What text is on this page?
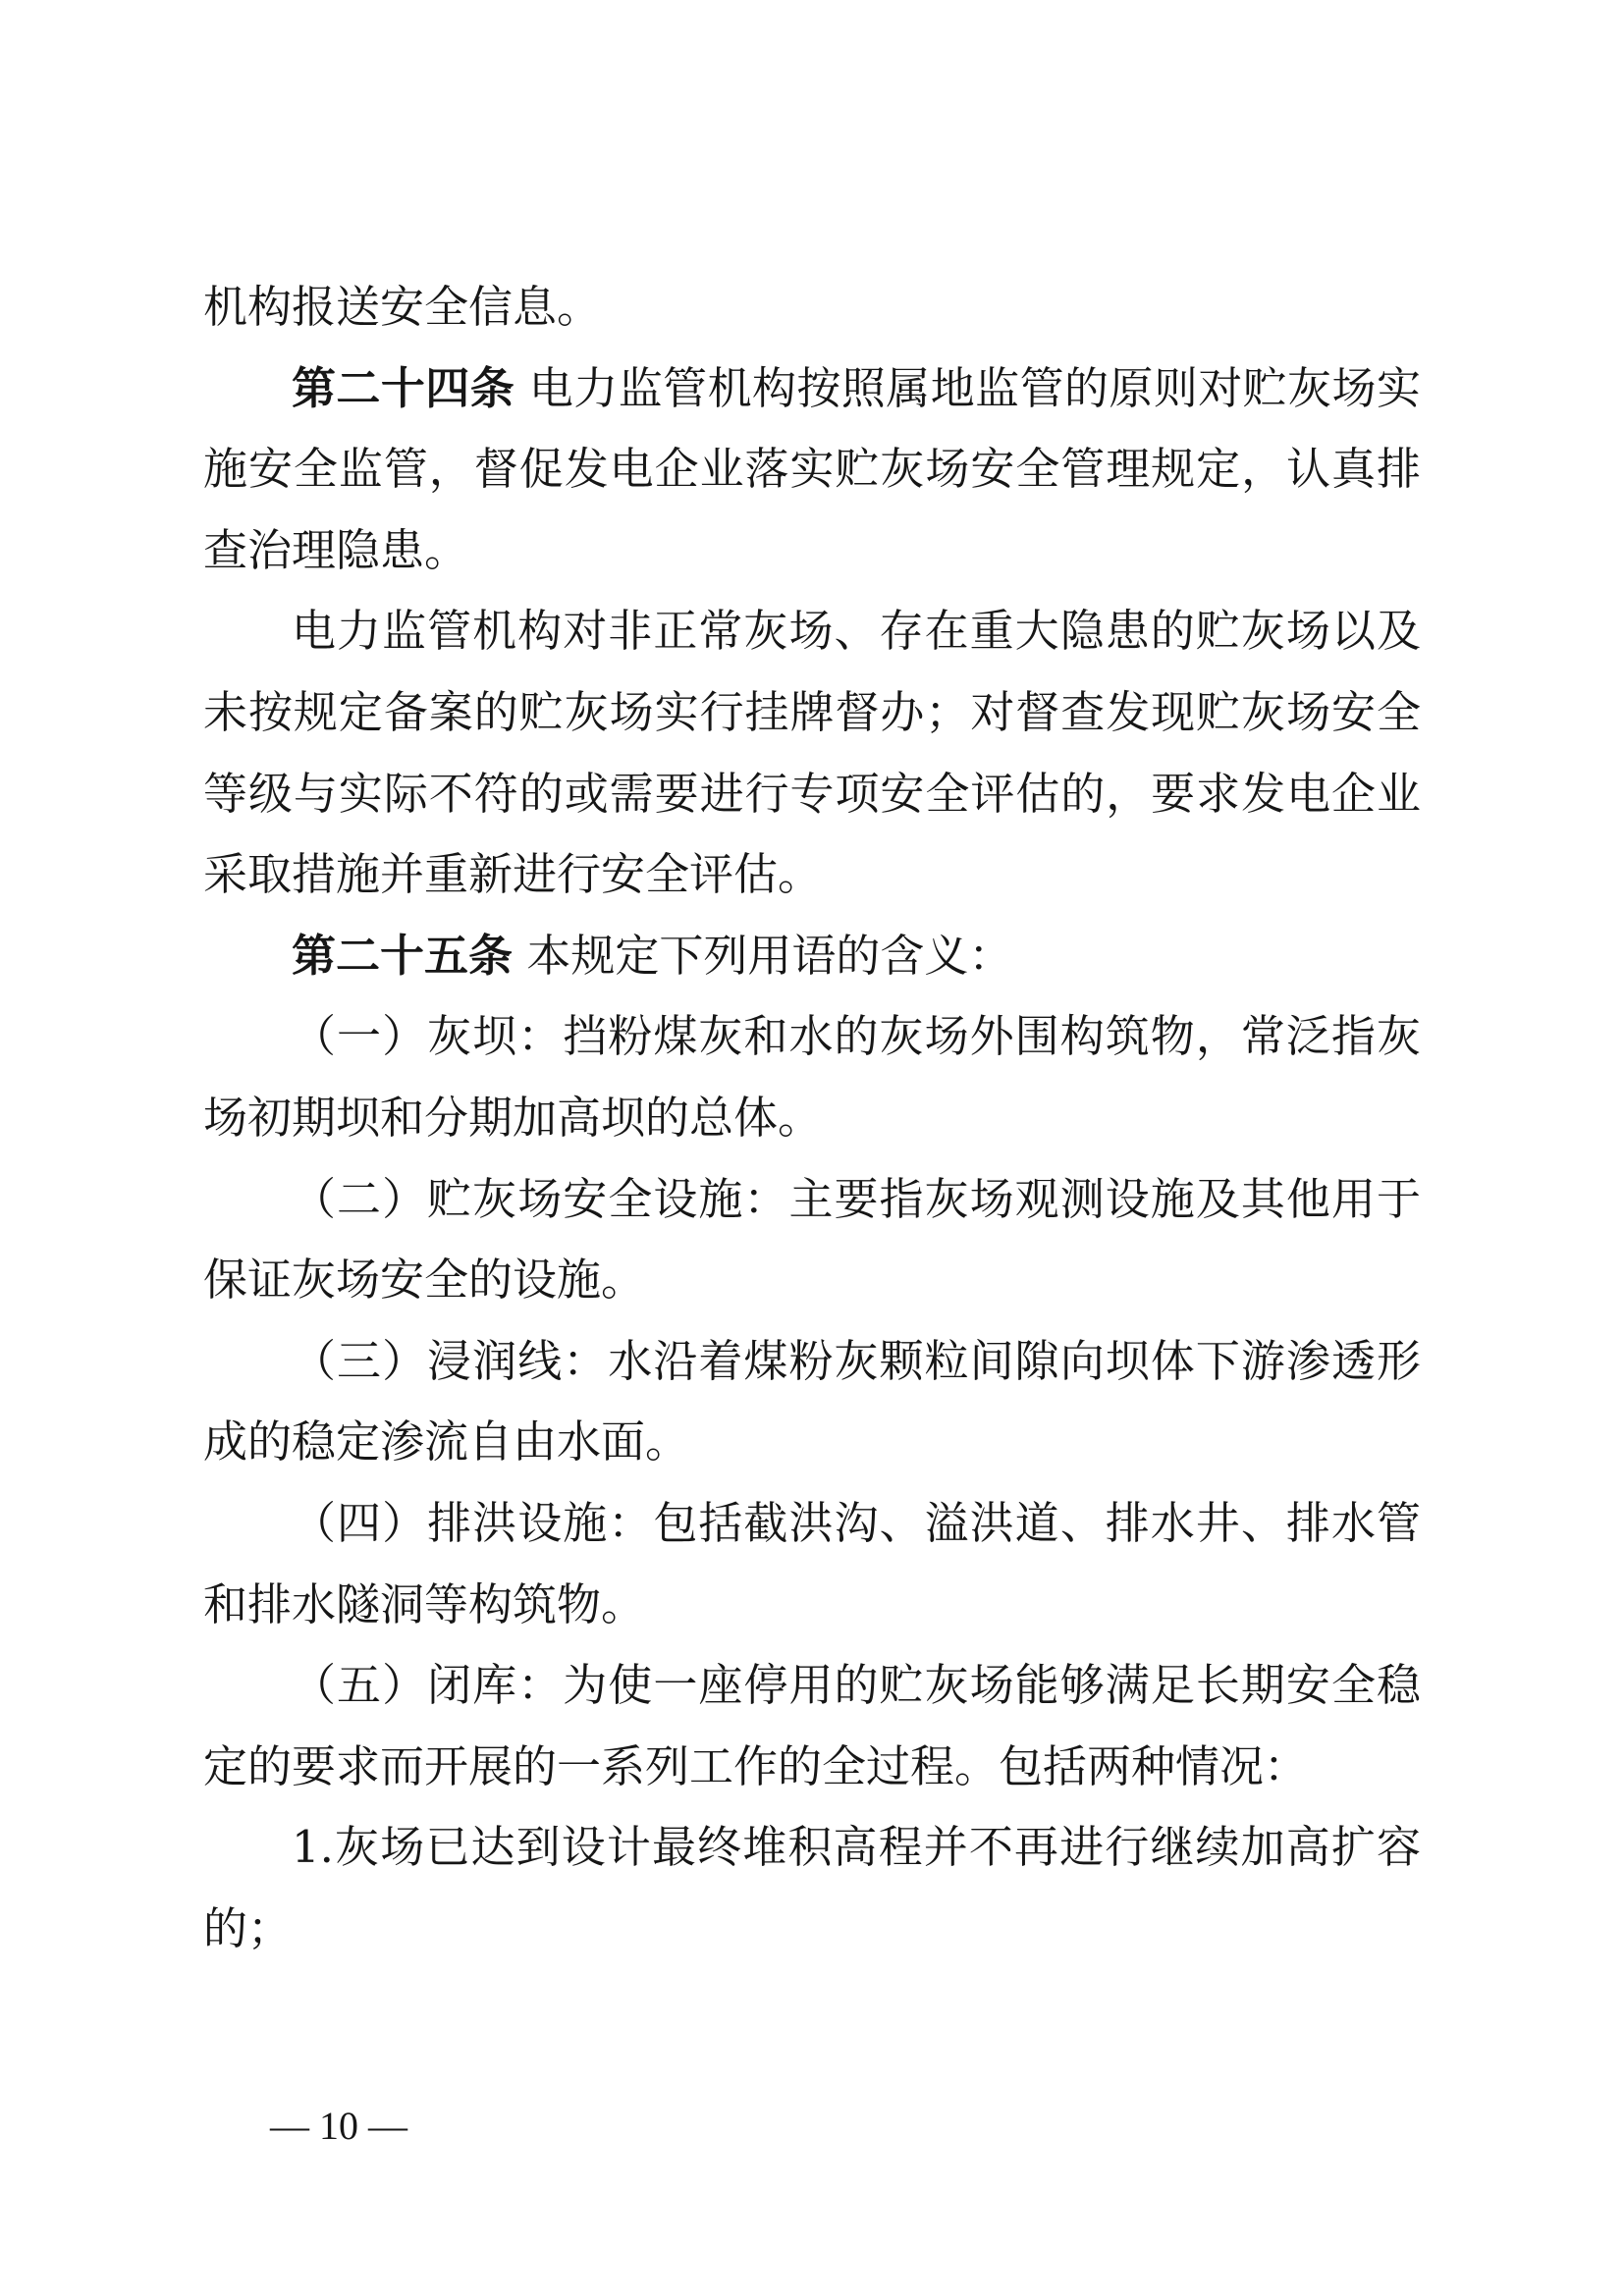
机构报送安全信息。

第二十四条 电力监管机构按照属地监管的原则对贮灰场实施安全监管，督促发电企业落实贮灰场安全管理规定，认真排查治理隐患。

电力监管机构对非正常灰场、存在重大隐患的贮灰场以及未按规定备案的贮灰场实行挂牌督办；对督查发现贮灰场安全等级与实际不符的或需要进行专项安全评估的，要求发电企业采取措施并重新进行安全评估。

第二十五条 本规定下列用语的含义：

（一）灰坝：挡粉煤灰和水的灰场外围构筑物，常泛指灰场初期坝和分期加高坝的总体。

（二）贮灰场安全设施：主要指灰场观测设施及其他用于保证灰场安全的设施。

（三）浸润线：水沿着煤粉灰颗粒间隙向坝体下游渗透形成的稳定渗流自由水面。

（四）排洪设施：包括截洪沟、溢洪道、排水井、排水管和排水隧洞等构筑物。

（五）闭库：为使一座停用的贮灰场能够满足长期安全稳定的要求而开展的一系列工作的全过程。包括两种情况：

1.灰场已达到设计最终堆积高程并不再进行继续加高扩容的；

— 10 —
